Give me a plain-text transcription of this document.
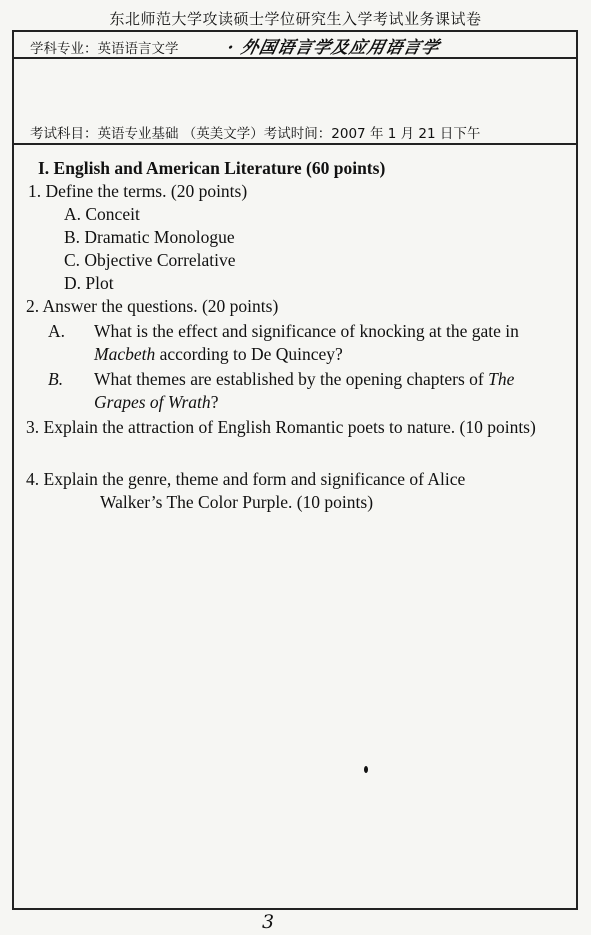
东北师范大学攻读硕士学位研究生入学考试业务课试卷
学科专业：英语语言文学	· 外国语言学及应用语言学
考试科目：英语专业基础 （英美文学）考试时间：2007 年 1 月 21 日下午
I. English and American Literature (60 points)
1. Define the terms. (20 points)
A. Conceit
B. Dramatic Monologue
C. Objective Correlative
D. Plot
2. Answer the questions. (20 points)
A. What is the effect and significance of knocking at the gate in
Macbeth according to De Quincey?
B. What themes are established by the opening chapters of The
Grapes of Wrath?
3. Explain the attraction of English Romantic poets to nature. (10 points)
4. Explain the genre, theme and form and significance of Alice
Walker’s The Color Purple. (10 points)
3
